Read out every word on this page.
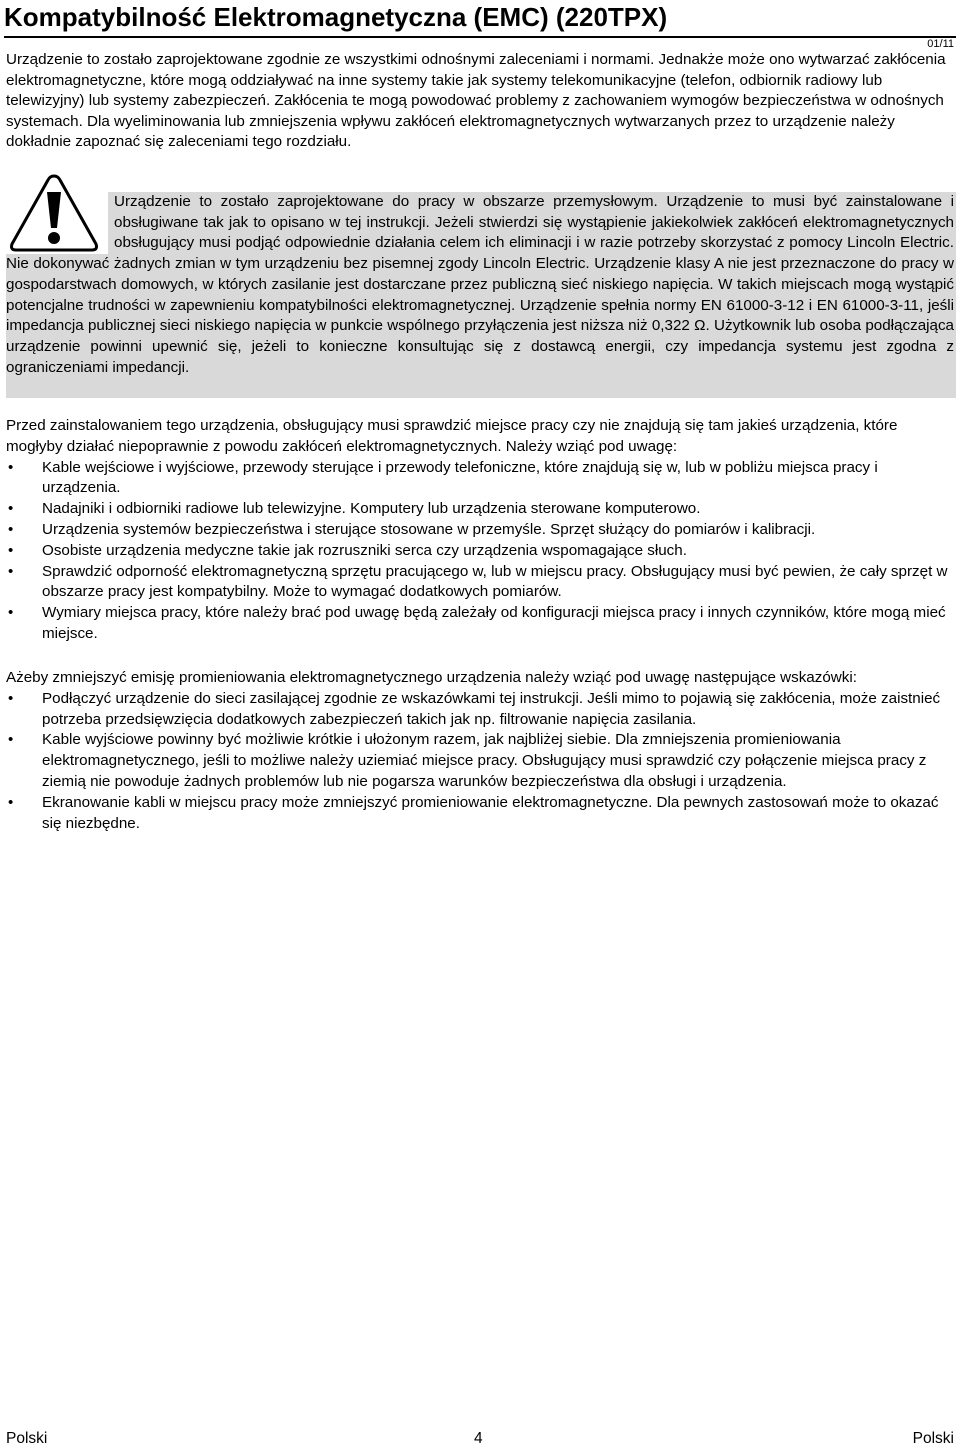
Kompatybilność Elektromagnetyczna (EMC) (220TPX)
01/11

Urządzenie to zostało zaprojektowane zgodnie ze wszystkimi odnośnymi zaleceniami i normami. Jednakże może ono wytwarzać zakłócenia elektromagnetyczne, które mogą oddziaływać na inne systemy takie jak systemy telekomunikacyjne (telefon, odbiornik radiowy lub telewizyjny) lub systemy zabezpieczeń. Zakłócenia te mogą powodować problemy z zachowaniem wymogów bezpieczeństwa w odnośnych systemach. Dla wyeliminowania lub zmniejszenia wpływu zakłóceń elektromagnetycznych wytwarzanych przez to urządzenie należy dokładnie zapoznać się zaleceniami tego rozdziału.

Urządzenie to zostało zaprojektowane do pracy w obszarze przemysłowym. Urządzenie to musi być zainstalowane i obsługiwane tak jak to opisano w tej instrukcji. Jeżeli stwierdzi się wystąpienie jakiekolwiek zakłóceń elektromagnetycznych obsługujący musi podjąć odpowiednie działania celem ich eliminacji i w razie potrzeby skorzystać z pomocy Lincoln Electric. Nie dokonywać żadnych zmian w tym urządzeniu bez pisemnej zgody Lincoln Electric. Urządzenie klasy A nie jest przeznaczone do pracy w gospodarstwach domowych, w których zasilanie jest dostarczane przez publiczną sieć niskiego napięcia. W takich miejscach mogą wystąpić potencjalne trudności w zapewnieniu kompatybilności elektromagnetycznej. Urządzenie spełnia normy EN 61000-3-12 i EN 61000-3-11, jeśli impedancja publicznej sieci niskiego napięcia w punkcie wspólnego przyłączenia jest niższa niż 0,322 Ω. Użytkownik lub osoba podłączająca urządzenie powinni upewnić się, jeżeli to konieczne konsultując się z dostawcą energii, czy impedancja systemu jest zgodna z ograniczeniami impedancji.

Przed zainstalowaniem tego urządzenia, obsługujący musi sprawdzić miejsce pracy czy nie znajdują się tam jakieś urządzenia, które mogłyby działać niepoprawnie z powodu zakłóceń elektromagnetycznych. Należy wziąć pod uwagę:
• Kable wejściowe i wyjściowe, przewody sterujące i przewody telefoniczne, które znajdują się w, lub w pobliżu miejsca pracy i urządzenia.
• Nadajniki i odbiorniki radiowe lub telewizyjne. Komputery lub urządzenia sterowane komputerowo.
• Urządzenia systemów bezpieczeństwa i sterujące stosowane w przemyśle. Sprzęt służący do pomiarów i kalibracji.
• Osobiste urządzenia medyczne takie jak rozruszniki serca czy urządzenia wspomagające słuch.
• Sprawdzić odporność elektromagnetyczną sprzętu pracującego w, lub w miejscu pracy. Obsługujący musi być pewien, że cały sprzęt w obszarze pracy jest kompatybilny. Może to wymagać dodatkowych pomiarów.
• Wymiary miejsca pracy, które należy brać pod uwagę będą zależały od konfiguracji miejsca pracy i innych czynników, które mogą mieć miejsce.
Ażeby zmniejszyć emisję promieniowania elektromagnetycznego urządzenia należy wziąć pod uwagę następujące wskazówki:
• Podłączyć urządzenie do sieci zasilającej zgodnie ze wskazówkami tej instrukcji. Jeśli mimo to pojawią się zakłócenia, może zaistnieć potrzeba przedsięwzięcia dodatkowych zabezpieczeń takich jak np. filtrowanie napięcia zasilania.
• Kable wyjściowe powinny być możliwie krótkie i ułożonym razem, jak najbliżej siebie. Dla zmniejszenia promieniowania elektromagnetycznego, jeśli to możliwe należy uziemiać miejsce pracy. Obsługujący musi sprawdzić czy połączenie miejsca pracy z ziemią nie powoduje żadnych problemów lub nie pogarsza warunków bezpieczeństwa dla obsługi i urządzenia.
• Ekranowanie kabli w miejscu pracy może zmniejszyć promieniowanie elektromagnetyczne. Dla pewnych zastosowań może to okazać się niezbędne.
Polski	4	Polski
